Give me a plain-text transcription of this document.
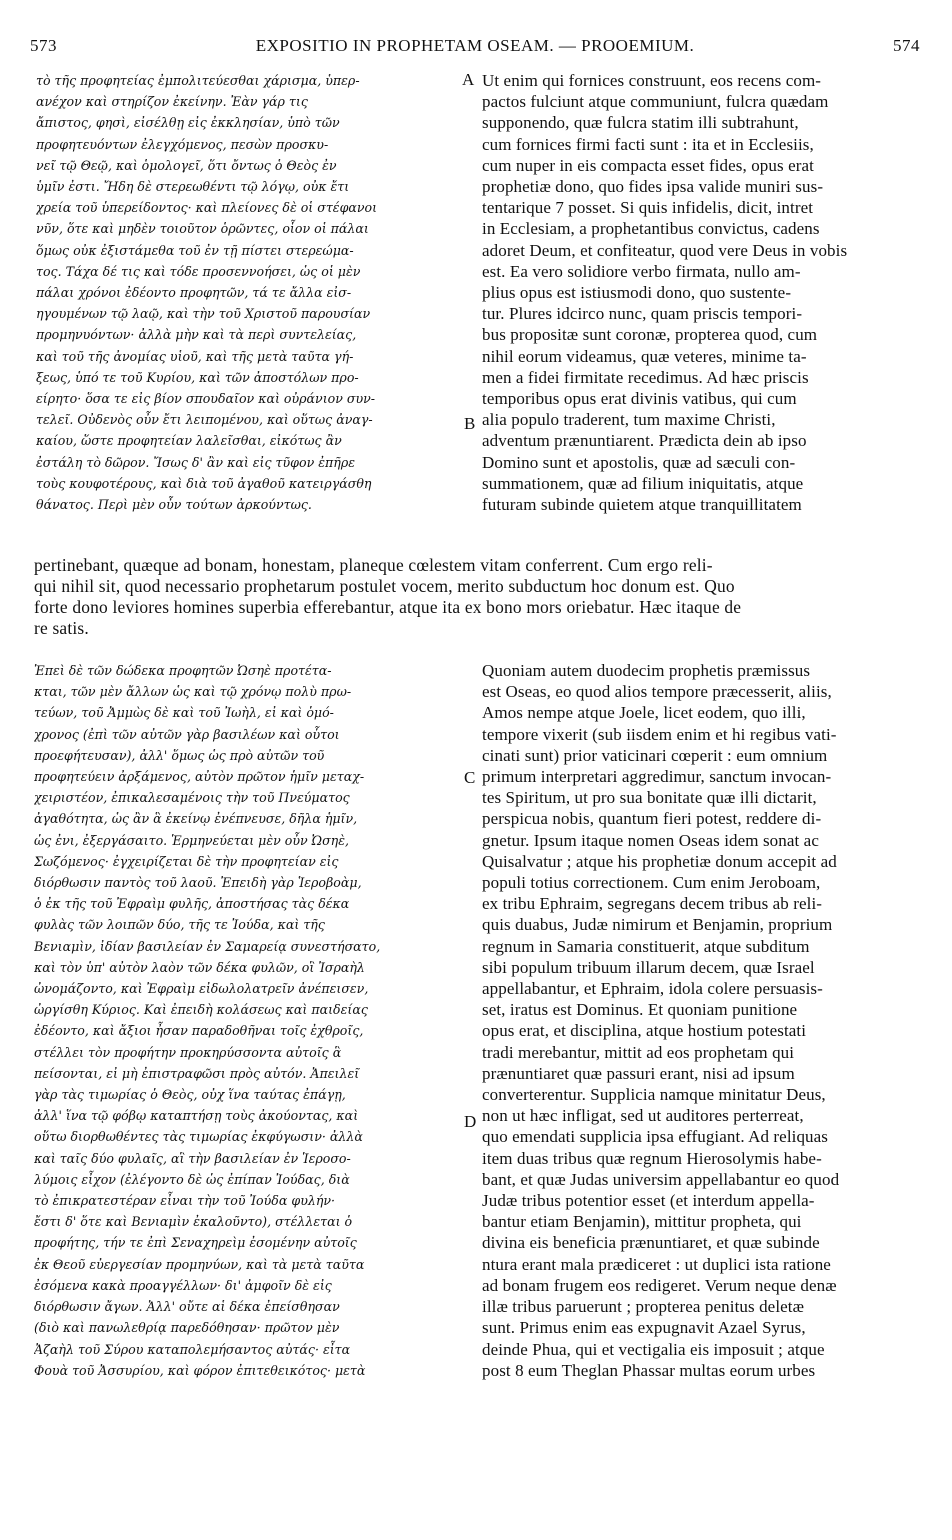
573	EXPOSITIO IN PROPHETAM OSEAM. — PROOEMIUM.	574
A
B
C
D
τὸ τῆς προφητείας ἐμπολιτεύεσθαι χάρισμα, ὑπερ-
ανέχον καὶ στηρίζον ἐκείνην. Ἐὰν γάρ τις
ἄπιστος, φησὶ, εἰσέλθῃ εἰς ἐκκλησίαν, ὑπὸ τῶν
προφητευόντων ἐλεγχόμενος, πεσὼν προσκυ-
νεῖ τῷ Θεῷ, καὶ ὁμολογεῖ, ὅτι ὄντως ὁ Θεὸς ἐν
ὑμῖν ἐστι. Ἤδη δὲ στερεωθέντι τῷ λόγῳ, οὐκ ἔτι
χρεία τοῦ ὑπερείδοντος· καὶ πλείονες δὲ οἱ στέφανοι
νῦν, ὅτε καὶ μηδὲν τοιοῦτον ὁρῶντες, οἷον οἱ πάλαι
ὅμως οὐκ ἐξιστάμεθα τοῦ ἐν τῇ πίστει στερεώμα-
τος. Τάχα δέ τις καὶ τόδε προσεννοήσει, ὡς οἱ μὲν
πάλαι χρόνοι ἐδέοντο προφητῶν, τά τε ἄλλα εἰσ-
ηγουμένων τῷ λαῷ, καὶ τὴν τοῦ Χριστοῦ παρουσίαν
προμηνυόντων· ἀλλὰ μὴν καὶ τὰ περὶ συντελείας,
καὶ τοῦ τῆς ἀνομίας υἱοῦ, καὶ τῆς μετὰ ταῦτα γή-
ξεως, ὑπό τε τοῦ Κυρίου, καὶ τῶν ἀποστόλων προ-
είρητο· ὅσα τε εἰς βίον σπουδαῖον καὶ οὐράνιον συν-
τελεῖ. Οὐδενὸς οὖν ἔτι λειπομένου, καὶ οὕτως ἀναγ-
καίου, ὥστε προφητείαν λαλεῖσθαι, εἰκότως ἂν
ἐστάλη τὸ δῶρον. Ἴσως δ' ἂν καὶ εἰς τῦφον ἐπῆρε
τοὺς κουφοτέρους, καὶ διὰ τοῦ ἀγαθοῦ κατειργάσθη
θάνατος. Περὶ μὲν οὖν τούτων ἀρκούντως.
Ut enim qui fornices construunt, eos recens com-
pactos fulciunt atque communiunt, fulcra quædam
supponendo, quæ fulcra statim illi subtrahunt,
cum fornices firmi facti sunt : ita et in Ecclesiis,
cum nuper in eis compacta esset fides, opus erat
prophetiæ dono, quo fides ipsa valide muniri sus-
tentarique 7 posset. Si quis infidelis, dicit, intret
in Ecclesiam, a prophetantibus convictus, cadens
adoret Deum, et confiteatur, quod vere Deus in vobis
est. Ea vero solidiore verbo firmata, nullo am-
plius opus est istiusmodi dono, quo sustente-
tur. Plures idcirco nunc, quam priscis tempori-
bus propositæ sunt coronæ, propterea quod, cum
nihil eorum videamus, quæ veteres, minime ta-
men a fidei firmitate recedimus. Ad hæc priscis
temporibus opus erat divinis vatibus, qui cum
alia populo traderent, tum maxime Christi,
adventum prænuntiarent. Prædicta dein ab ipso
Domino sunt et apostolis, quæ ad sæculi con-
summationem, quæ ad filium iniquitatis, atque
futuram subinde quietem atque tranquillitatem
pertinebant, quæque ad bonam, honestam, planeque cœlestem vitam conferrent. Cum ergo reli-
qui nihil sit, quod necessario prophetarum postulet vocem, merito subductum hoc donum est. Quo
forte dono leviores homines superbia efferebantur, atque ita ex bono mors oriebatur. Hæc itaque de
re satis.
Ἐπεὶ δὲ τῶν δώδεκα προφητῶν Ὠσηὲ προτέτα-
κται, τῶν μὲν ἄλλων ὡς καὶ τῷ χρόνῳ πολὺ πρω-
τεύων, τοῦ Ἀμμὼς δὲ καὶ τοῦ Ἰωὴλ, εἰ καὶ ὁμό-
χρονος (ἐπὶ τῶν αὐτῶν γὰρ βασιλέων καὶ οὗτοι
προεφήτευσαν), ἀλλ' ὅμως ὡς πρὸ αὐτῶν τοῦ
προφητεύειν ἀρξάμενος, αὐτὸν πρῶτον ἡμῖν μεταχ-
χειριστέον, ἐπικαλεσαμένοις τὴν τοῦ Πνεύματος
ἀγαθότητα, ὡς ἂν ἃ ἐκείνῳ ἐνέπνευσε, δῆλα ἡμῖν,
ὡς ἐνι, ἐξεργάσαιτο. Ἑρμηνεύεται μὲν οὖν Ὠσηὲ,
Σωζόμενος· ἐγχειρίζεται δὲ τὴν προφητείαν εἰς
διόρθωσιν παντὸς τοῦ λαοῦ. Ἐπειδὴ γὰρ Ἱεροβοὰμ,
ὁ ἐκ τῆς τοῦ Ἐφραὶμ φυλῆς, ἀποστήσας τὰς δέκα
φυλὰς τῶν λοιπῶν δύο, τῆς τε Ἰούδα, καὶ τῆς
Βενιαμὶν, ἰδίαν βασιλείαν ἐν Σαμαρείᾳ συνεστήσατο,
καὶ τὸν ὑπ' αὐτὸν λαὸν τῶν δέκα φυλῶν, οἳ Ἰσραὴλ
ὠνομάζοντο, καὶ Ἐφραὶμ εἰδωλολατρεῖν ἀνέπεισεν,
ὠργίσθη Κύριος. Καὶ ἐπειδὴ κολάσεως καὶ παιδείας
ἐδέοντο, καὶ ἄξιοι ἦσαν παραδοθῆναι τοῖς ἐχθροῖς,
στέλλει τὸν προφήτην προκηρύσσοντα αὐτοῖς ἃ
πείσονται, εἰ μὴ ἐπιστραφῶσι πρὸς αὐτόν. Ἀπειλεῖ
γὰρ τὰς τιμωρίας ὁ Θεὸς, οὐχ ἵνα ταύτας ἐπάγῃ,
ἀλλ' ἵνα τῷ φόβῳ καταπτήσῃ τοὺς ἀκούοντας, καὶ
οὕτω διορθωθέντες τὰς τιμωρίας ἐκφύγωσιν· ἀλλὰ
καὶ ταῖς δύο φυλαῖς, αἳ τὴν βασιλείαν ἐν Ἱεροσο-
λύμοις εἶχον (ἐλέγοντο δὲ ὡς ἐπίπαν Ἰούδας, διὰ
τὸ ἐπικρατεστέραν εἶναι τὴν τοῦ Ἰούδα φυλήν·
ἔστι δ' ὅτε καὶ Βενιαμὶν ἐκαλοῦντο), στέλλεται ὁ
προφήτης, τήν τε ἐπὶ Σεναχηρεὶμ ἐσομένην αὐτοῖς
ἐκ Θεοῦ εὐεργεσίαν προμηνύων, καὶ τὰ μετὰ ταῦτα
ἐσόμενα κακὰ προαγγέλλων· δι' ἀμφοῖν δὲ εἰς
διόρθωσιν ἄγων. Ἀλλ' οὔτε αἱ δέκα ἐπείσθησαν
(διὸ καὶ πανωλεθρίᾳ παρεδόθησαν· πρῶτον μὲν
Ἀζαὴλ τοῦ Σύρου καταπολεμήσαντος αὐτάς· εἶτα
Φουὰ τοῦ Ἀσσυρίου, καὶ φόρον ἐπιτεθεικότος· μετὰ
Quoniam autem duodecim prophetis præmissus
est Oseas, eo quod alios tempore præcesserit, aliis,
Amos nempe atque Joele, licet eodem, quo illi,
tempore vixerit (sub iisdem enim et hi regibus vati-
cinati sunt) prior vaticinari cœperit : eum omnium
primum interpretari aggredimur, sanctum invocan-
tes Spiritum, ut pro sua bonitate quæ illi dictarit,
perspicua nobis, quantum fieri potest, reddere di-
gnetur. Ipsum itaque nomen Oseas idem sonat ac
Quisalvatur ; atque his prophetiæ donum accepit ad
populi totius correctionem. Cum enim Jeroboam,
ex tribu Ephraim, segregans decem tribus ab reli-
quis duabus, Judæ nimirum et Benjamin, proprium
regnum in Samaria constituerit, atque subditum
sibi populum tribuum illarum decem, quæ Israel
appellabantur, et Ephraim, idola colere persuasis-
set, iratus est Dominus. Et quoniam punitione
opus erat, et disciplina, atque hostium potestati
tradi merebantur, mittit ad eos prophetam qui
prænuntiaret quæ passuri erant, nisi ad ipsum
converterentur. Supplicia namque minitatur Deus,
non ut hæc infligat, sed ut auditores perterreat,
quo emendati supplicia ipsa effugiant. Ad reliquas
item duas tribus quæ regnum Hierosolymis habe-
bant, et quæ Judas universim appellabantur eo quod
Judæ tribus potentior esset (et interdum appella-
bantur etiam Benjamin), mittitur propheta, qui
divina eis beneficia prænuntiaret, et quæ subinde
ntura erant mala prædiceret : ut duplici ista ratione
ad bonam frugem eos redigeret. Verum neque denæ
illæ tribus paruerunt ; propterea penitus deletæ
sunt. Primus enim eas expugnavit Azael Syrus,
deinde Phua, qui et vectigalia eis imposuit ; atque
post 8 eum Theglan Phassar multas eorum urbes
